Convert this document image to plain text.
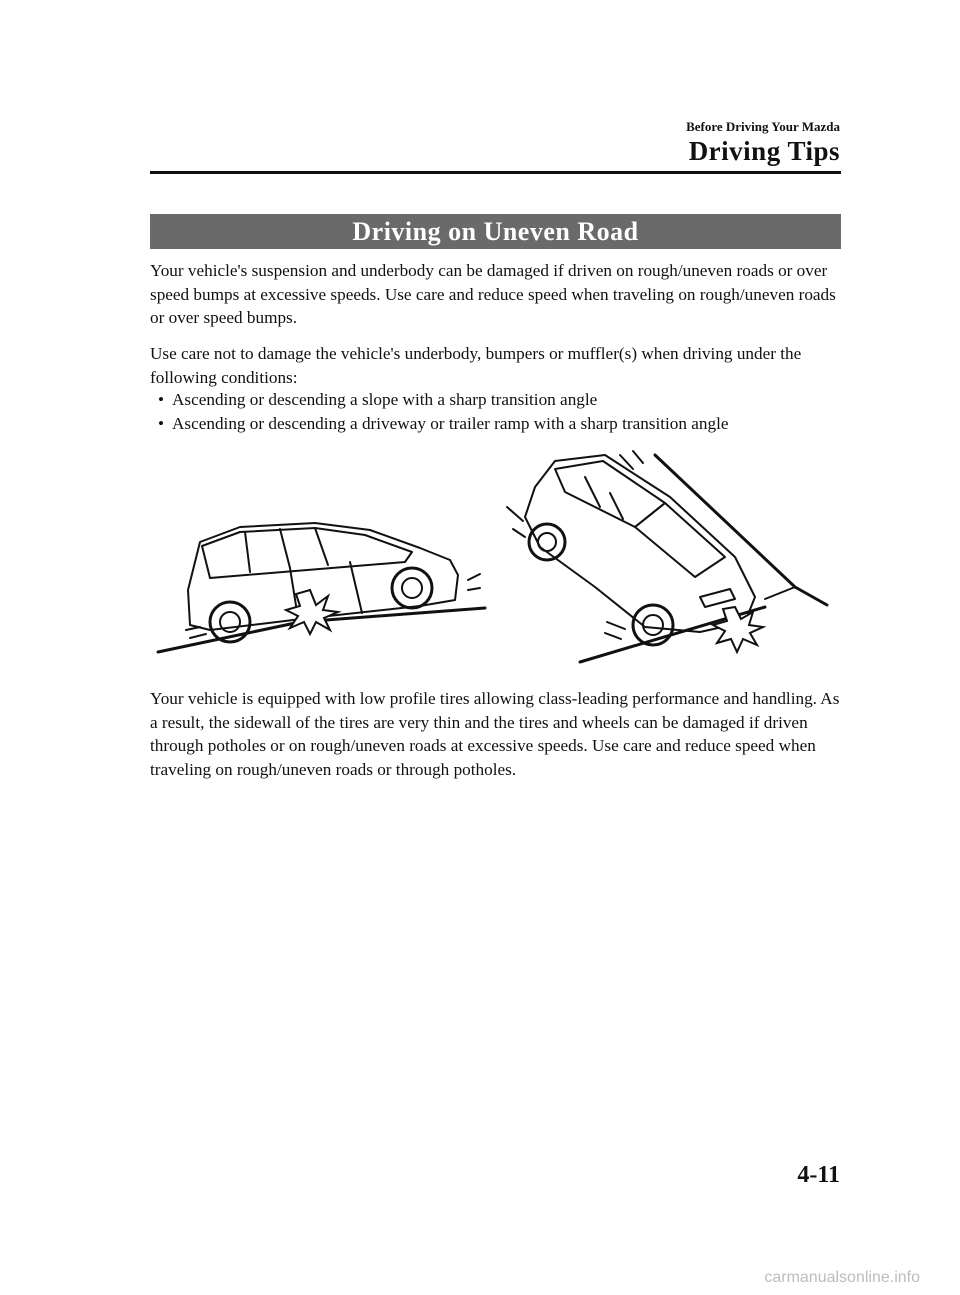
Before Driving Your Mazda
Driving Tips
Driving on Uneven Road

Your vehicle's suspension and underbody can be damaged if driven on rough/uneven roads or over speed bumps at excessive speeds. Use care and reduce speed when traveling on rough/uneven roads or over speed bumps.

Use care not to damage the vehicle's underbody, bumpers or muffler(s) when driving under the following conditions:

• Ascending or descending a slope with a sharp transition angle
• Ascending or descending a driveway or trailer ramp with a sharp transition angle

Your vehicle is equipped with low profile tires allowing class-leading performance and handling. As a result, the sidewall of the tires are very thin and the tires and wheels can be damaged if driven through potholes or on rough/uneven roads at excessive speeds. Use care and reduce speed when traveling on rough/uneven roads or through potholes.

4-11
carmanualsonline.info
